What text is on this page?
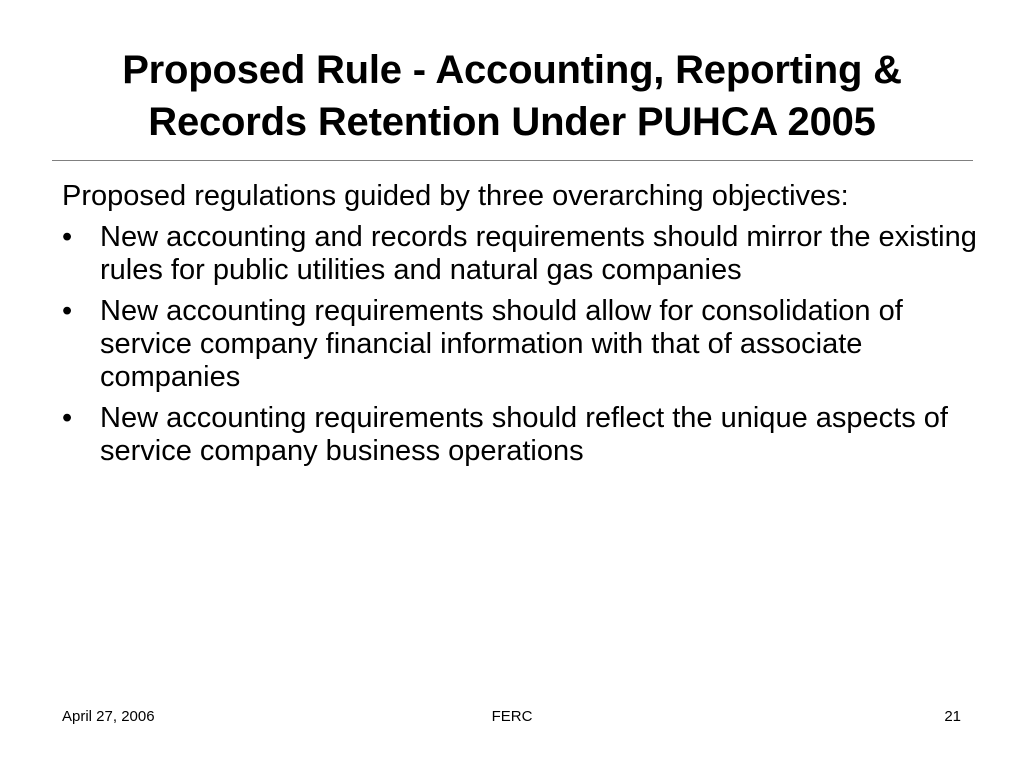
Proposed Rule - Accounting, Reporting & Records Retention Under PUHCA 2005

Proposed regulations guided by three overarching objectives:

• New accounting and records requirements should mirror the existing rules for public utilities and natural gas companies
• New accounting requirements should allow for consolidation of service company financial information with that of associate companies
• New accounting requirements should reflect the unique aspects of service company business operations
April 27, 2006	FERC	21
